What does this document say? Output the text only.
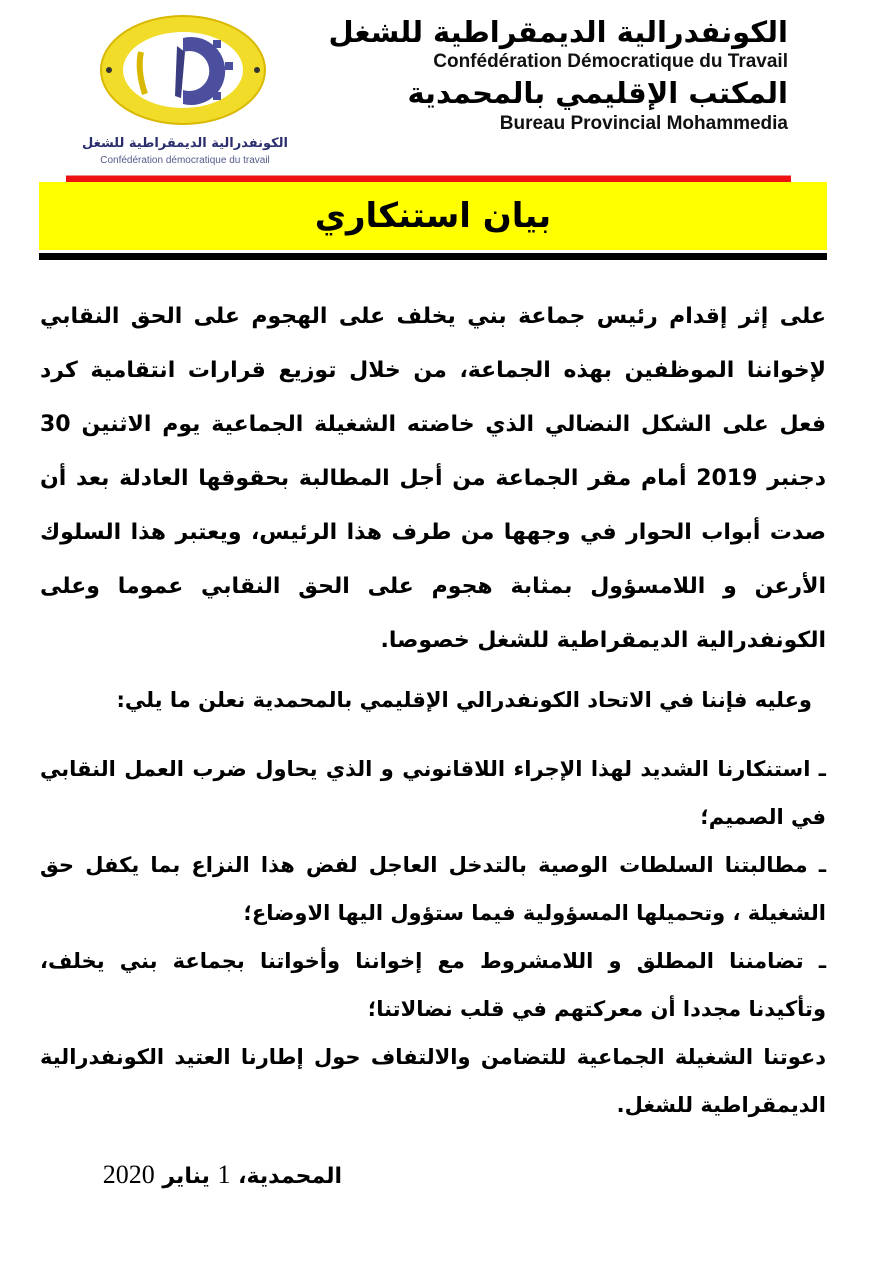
الكونفدرالية الديمقراطية للشغل
Confédération démocratique du travail
الكونفدرالية الديمقراطية للشغل
Confédération Démocratique du Travail
المكتب الإقليمي بالمحمدية
Bureau Provincial Mohammedia
بيان استنكاري
على إثر إقدام رئيس جماعة بني يخلف على الهجوم على الحق النقابي لإخواننا الموظفين بهذه الجماعة، من خلال توزيع قرارات انتقامية كرد فعل على الشكل النضالي الذي خاضته الشغيلة الجماعية يوم الاثنين 30 دجنبر 2019 أمام مقر الجماعة من أجل المطالبة بحقوقها العادلة بعد أن صدت أبواب الحوار في وجهها من طرف هذا الرئيس، ويعتبر هذا السلوك الأرعن و اللامسؤول بمثابة هجوم على الحق النقابي عموما وعلى الكونفدرالية الديمقراطية للشغل خصوصا.
وعليه فإننا في الاتحاد الكونفدرالي الإقليمي بالمحمدية نعلن ما يلي:

ـ استنكارنا الشديد لهذا الإجراء اللاقانوني و الذي يحاول ضرب العمل النقابي في الصميم؛

ـ مطالبتنا السلطات الوصية بالتدخل العاجل لفض هذا النزاع بما يكفل حق الشغيلة ، وتحميلها المسؤولية فيما ستؤول اليها الاوضاع؛

ـ تضامننا المطلق و اللامشروط مع إخواننا وأخواتنا بجماعة بني يخلف، وتأكيدنا مجددا أن معركتهم في قلب نضالاتنا؛

دعوتنا الشغيلة الجماعية للتضامن والالتفاف حول إطارنا العتيد الكونفدرالية الديمقراطية للشغل.

المحمدية، 1 يناير 2020
